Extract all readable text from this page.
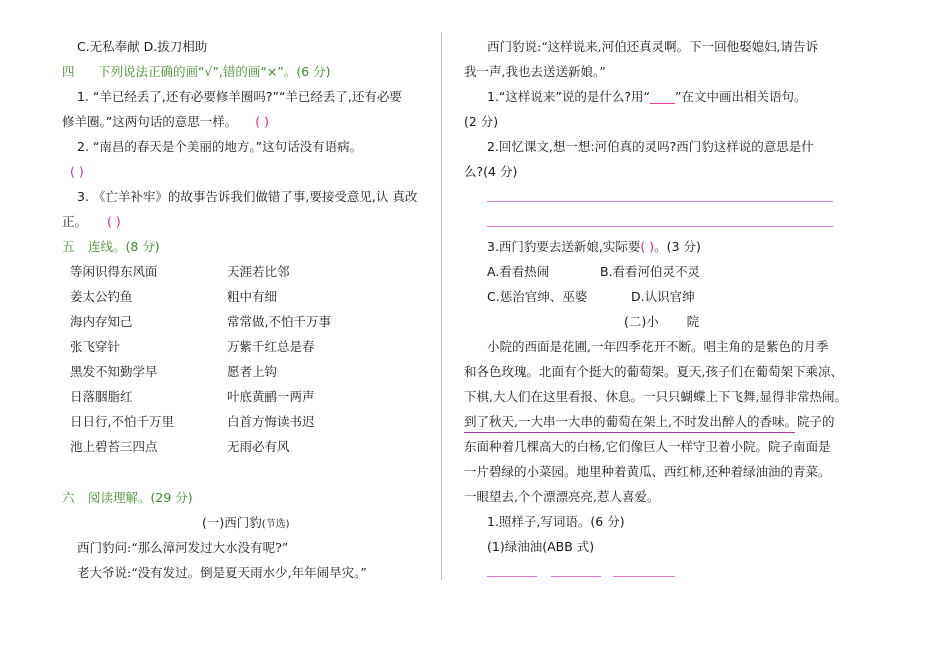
C.无私奉献 D.拔刀相助
四 下列说法正确的画“√”,错的画“×”。(6 分)
1. “羊已经丢了,还有必要修羊圈吗?”“羊已经丢了,还有必要
修羊圈。”这两句话的意思一样。 ( )
2. “南昌的春天是个美丽的地方。”这句话没有语病。
( )
3. 《亡羊补牢》的故事告诉我们做错了事,要接受意见,认 真改
正。 ( )
五 连线。(8 分)
等闲识得东风面
姜太公钓鱼
海内存知己
张飞穿针
黑发不知勤学早
日落胭脂红
日日行,不怕千万里
池上碧苔三四点
天涯若比邻
粗中有细
常常做,不怕千万事
万紫千红总是春
愿者上钩
叶底黄鹂一两声
白首方悔读书迟
无雨必有风
六 阅读理解。(29 分)
(一)西门豹(节选)
西门豹问:“那么漳河发过大水没有呢?”
老大爷说:“没有发过。倒是夏天雨水少,年年闹旱灾。”
西门豹说:“这样说来,河伯还真灵啊。下一回他娶媳妇,请告诉
我一声,我也去送送新娘。”
1.“这样说来”说的是什么?用“____”在文中画出相关语句。
(2 分)
2.回忆课文,想一想:河伯真的灵吗?西门豹这样说的意思是什
么?(4 分)
3.西门豹要去送新娘,实际要( )。(3 分)
A.看看热闹	B.看看河伯灵不灵
C.惩治官绅、巫婆	D.认识官绅
(二)小       院
小院的西面是花圃,一年四季花开不断。唱主角的是紫色的月季
和各色玫瑰。北面有个挺大的葡萄架。夏天,孩子们在葡萄架下乘凉、
下棋,大人们在这里看报、休息。一只只蝴蝶上下飞舞,显得非常热闹。
到了秋天,一大串一大串的葡萄在架上,不时发出醉人的香味。院子的
东面种着几棵高大的白杨,它们像巨人一样守卫着小院。院子南面是
一片碧绿的小菜园。地里种着黄瓜、西红柿,还种着绿油油的青菜。
一眼望去,个个漂漂亮亮,惹人喜爱。
1.照样子,写词语。(6 分)
(1)绿油油(ABB 式)
